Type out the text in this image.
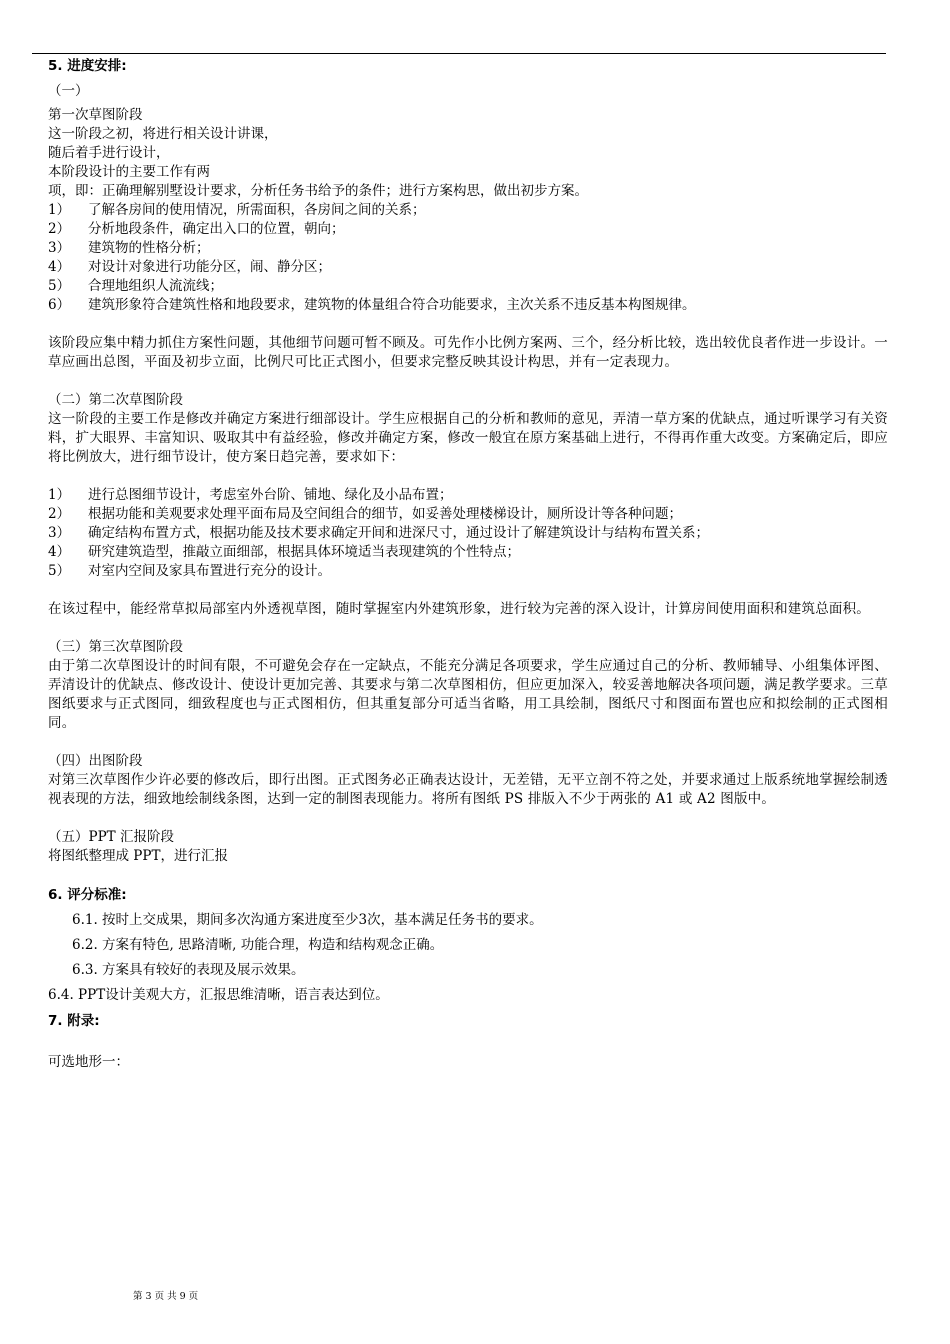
5. 进度安排:
（一）
第一次草图阶段
这一阶段之初，将进行相关设计讲课，
随后着手进行设计，
本阶段设计的主要工作有两
项，即：正确理解别墅设计要求，分析任务书给予的条件；进行方案构思，做出初步方案。
1）	了解各房间的使用情况，所需面积，各房间之间的关系；
2）	分析地段条件，确定出入口的位置，朝向；
3）	建筑物的性格分析；
4）	对设计对象进行功能分区，闹、静分区；
5）	合理地组织人流流线；
6）	建筑形象符合建筑性格和地段要求，建筑物的体量组合符合功能要求，主次关系不违反基本构图规律。
该阶段应集中精力抓住方案性问题，其他细节问题可暂不顾及。可先作小比例方案两、三个，经分析比较，选出较优良者作进一步设计。一草应画出总图，平面及初步立面，比例尺可比正式图小，但要求完整反映其设计构思，并有一定表现力。
（二）第二次草图阶段
这一阶段的主要工作是修改并确定方案进行细部设计。学生应根据自己的分析和教师的意见，弄清一草方案的优缺点，通过听课学习有关资料，扩大眼界、丰富知识、吸取其中有益经验，修改并确定方案，修改一般宜在原方案基础上进行，不得再作重大改变。方案确定后，即应将比例放大，进行细节设计，使方案日趋完善，要求如下：
1）	进行总图细节设计，考虑室外台阶、铺地、绿化及小品布置；
2）	根据功能和美观要求处理平面布局及空间组合的细节，如妥善处理楼梯设计，厕所设计等各种问题；
3）	确定结构布置方式，根据功能及技术要求确定开间和进深尺寸，通过设计了解建筑设计与结构布置关系；
4）	研究建筑造型，推敲立面细部，根据具体环境适当表现建筑的个性特点；
5）	对室内空间及家具布置进行充分的设计。
在该过程中，能经常草拟局部室内外透视草图，随时掌握室内外建筑形象，进行较为完善的深入设计，计算房间使用面积和建筑总面积。
（三）第三次草图阶段
由于第二次草图设计的时间有限，不可避免会存在一定缺点，不能充分满足各项要求，学生应通过自己的分析、教师辅导、小组集体评图、弄清设计的优缺点、修改设计、使设计更加完善、其要求与第二次草图相仿，但应更加深入，较妥善地解决各项问题，满足教学要求。三草图纸要求与正式图同，细致程度也与正式图相仿，但其重复部分可适当省略，用工具绘制，图纸尺寸和图面布置也应和拟绘制的正式图相同。
（四）出图阶段
对第三次草图作少许必要的修改后，即行出图。正式图务必正确表达设计，无差错，无平立剖不符之处，并要求通过上版系统地掌握绘制透视表现的方法，细致地绘制线条图，达到一定的制图表现能力。将所有图纸 PS 排版入不少于两张的 A1 或 A2 图版中。
（五）PPT 汇报阶段
将图纸整理成 PPT，进行汇报
6. 评分标准:
6.1. 按时上交成果，期间多次沟通方案进度至少3次，基本满足任务书的要求。
6.2. 方案有特色, 思路清晰, 功能合理，构造和结构观念正确。
6.3. 方案具有较好的表现及展示效果。
6.4. PPT设计美观大方，汇报思维清晰，语言表达到位。
7. 附录:
可选地形一：
第 3 页 共 9 页
